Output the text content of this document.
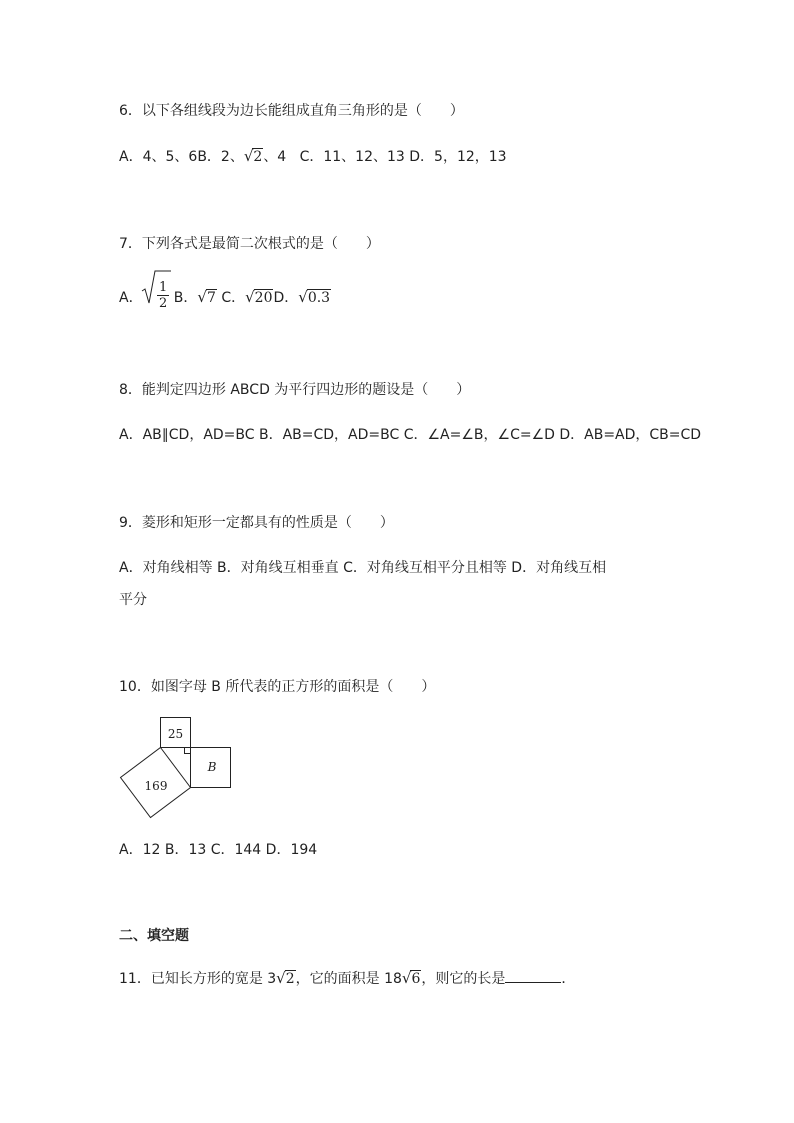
6．以下各组线段为边长能组成直角三角形的是（　　）
A．4、5、6B．2、√2、4 C．11、12、13 D．5，12，13
7．下列各式是最简二次根式的是（　　）
A． $\frac{1}{2}$ B．√7 C．√20D．√0.3
8．能判定四边形 ABCD 为平行四边形的题设是（　　）
A．AB∥CD，AD=BC B．AB=CD，AD=BC C．∠A=∠B，∠C=∠D D．AB=AD，CB=CD
9．菱形和矩形一定都具有的性质是（　　）
A．对角线相等 B．对角线互相垂直 C．对角线互相平分且相等 D．对角线互相
平分
10．如图字母 B 所代表的正方形的面积是（　　）
25
B
169
A．12 B．13 C．144 D．194
二、填空题
11．已知长方形的宽是 3√2，它的面积是 18√6，则它的长是	．
